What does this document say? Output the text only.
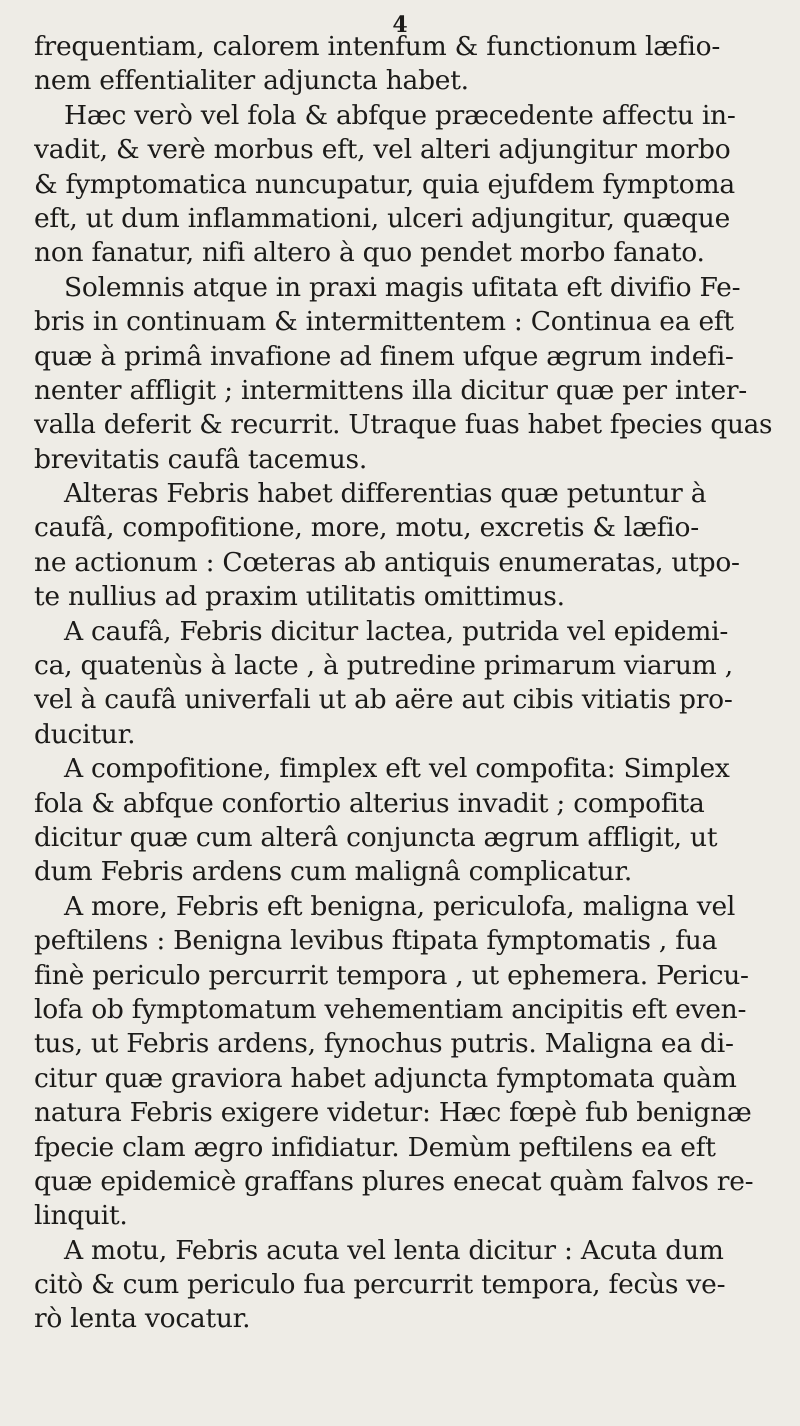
4
frequentiam, calorem intenfum & functionum læfio-
nem effentialiter adjuncta habet.
Hæc verò vel fola & abfque præcedente affectu in-
vadit, & verè morbus eft, vel alteri adjungitur morbo
& fymptomatica nuncupatur, quia ejufdem fymptoma
eft, ut dum inflammationi, ulceri adjungitur, quæque
non fanatur, nifi altero à quo pendet morbo fanato.
Solemnis atque in praxi magis ufitata eft divifio Fe-
bris in continuam & intermittentem : Continua ea eft
quæ à primâ invafione ad finem ufque ægrum indefi-
nenter affligit ; intermittens illa dicitur quæ per inter-
valla deferit & recurrit. Utraque fuas habet fpecies quas
brevitatis caufâ tacemus.
Alteras Febris habet differentias quæ petuntur à
caufâ, compofitione, more, motu, excretis & læfio-
ne actionum : Cœteras ab antiquis enumeratas, utpo-
te nullius ad praxim utilitatis omittimus.
A caufâ, Febris dicitur lactea, putrida vel epidemi-
ca, quatenùs à lacte , à putredine primarum viarum ,
vel à caufâ univerfali ut ab aëre aut cibis vitiatis pro-
ducitur.
A compofitione, fimplex eft vel compofita: Simplex
fola & abfque confortio alterius invadit ; compofita
dicitur quæ cum alterâ conjuncta ægrum affligit, ut
dum Febris ardens cum malignâ complicatur.
A more, Febris eft benigna, periculofa, maligna vel
peftilens : Benigna levibus ftipata fymptomatis , fua
finè periculo percurrit tempora , ut ephemera. Pericu-
lofa ob fymptomatum vehementiam ancipitis eft even-
tus, ut Febris ardens, fynochus putris. Maligna ea di-
citur quæ graviora habet adjuncta fymptomata quàm
natura Febris exigere videtur: Hæc fœpè fub benignæ
fpecie clam ægro infidiatur. Demùm peftilens ea eft
quæ epidemicè graffans plures enecat quàm falvos re-
linquit.
A motu, Febris acuta vel lenta dicitur : Acuta dum
citò & cum periculo fua percurrit tempora, fecùs ve-
rò lenta vocatur.
